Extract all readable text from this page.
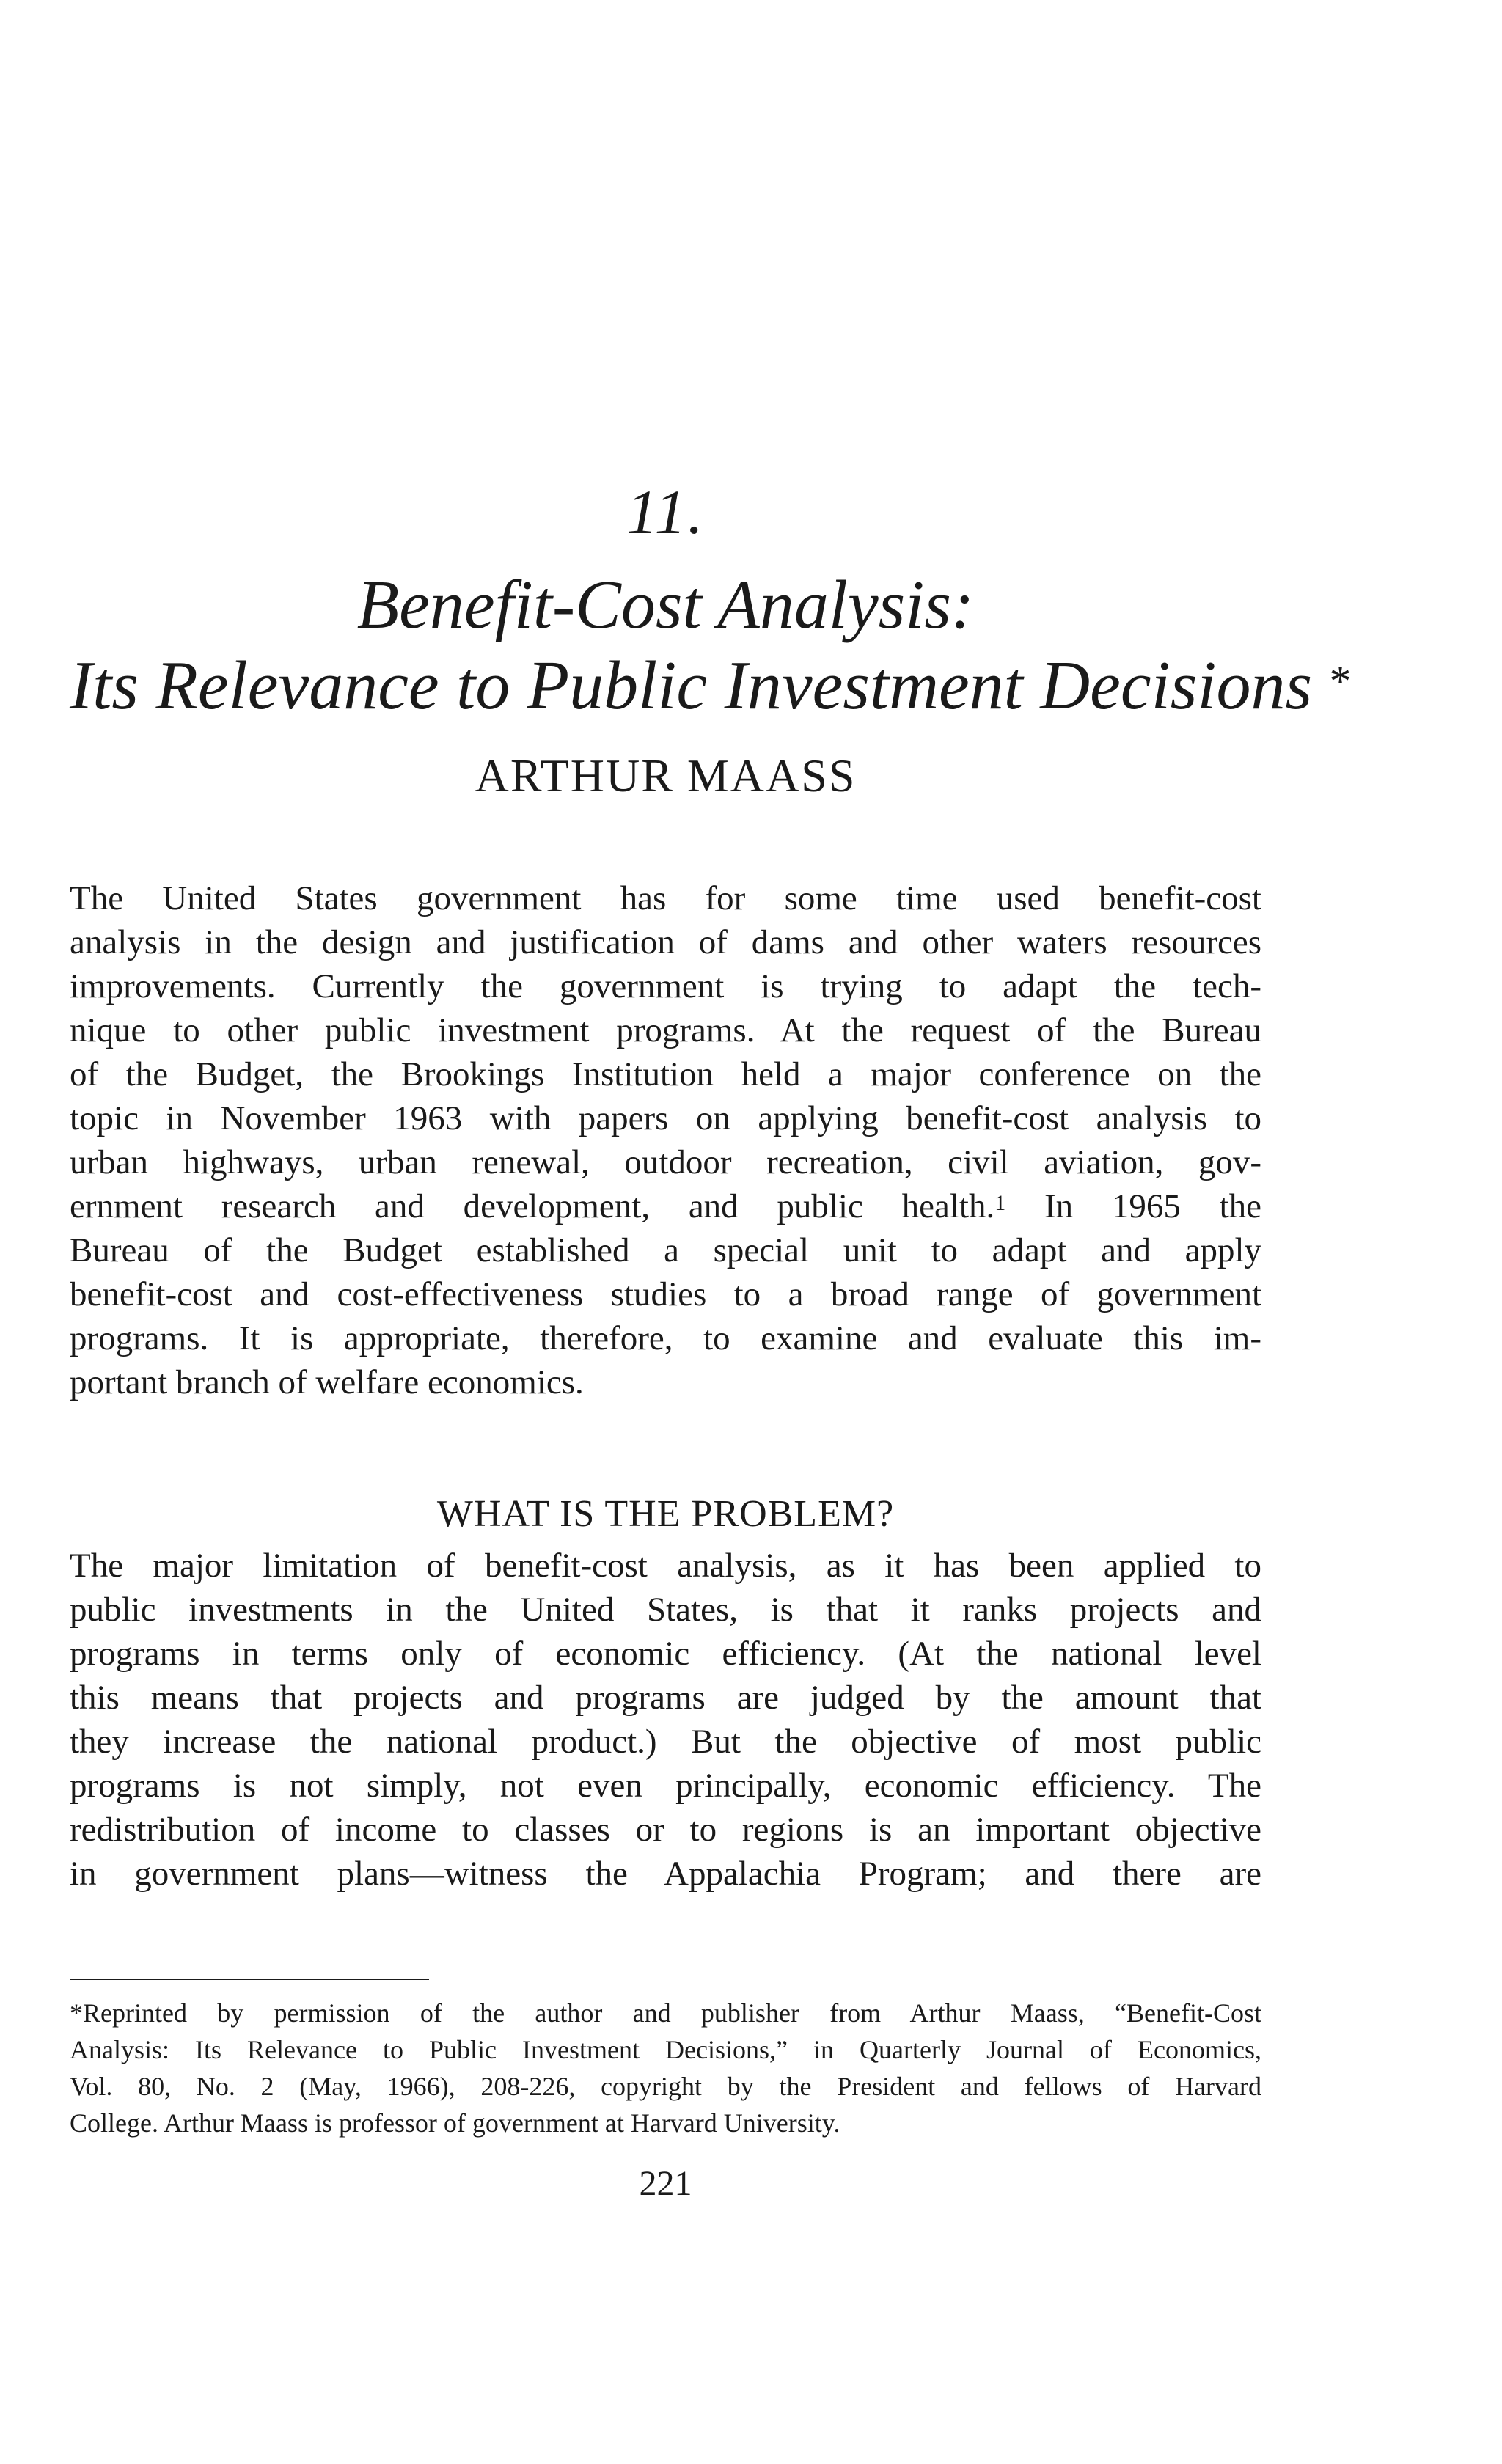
11.
Benefit-Cost Analysis:
Its Relevance to Public Investment Decisions *
ARTHUR MAASS
The United States government has for some time used benefit-cost
analysis in the design and justification of dams and other waters resources
improvements. Currently the government is trying to adapt the tech-
nique to other public investment programs. At the request of the Bureau
of the Budget, the Brookings Institution held a major conference on the
topic in November 1963 with papers on applying benefit-cost analysis to
urban highways, urban renewal, outdoor recreation, civil aviation, gov-
ernment research and development, and public health.$^1$ In 1965 the
Bureau of the Budget established a special unit to adapt and apply
benefit-cost and cost-effectiveness studies to a broad range of government
programs. It is appropriate, therefore, to examine and evaluate this im-
portant branch of welfare economics.
WHAT IS THE PROBLEM?
The major limitation of benefit-cost analysis, as it has been applied to
public investments in the United States, is that it ranks projects and
programs in terms only of economic efficiency. (At the national level
this means that projects and programs are judged by the amount that
they increase the national product.) But the objective of most public
programs is not simply, not even principally, economic efficiency. The
redistribution of income to classes or to regions is an important objective
in government plans—witness the Appalachia Program; and there are
*Reprinted by permission of the author and publisher from Arthur Maass, “Benefit-Cost
Analysis: Its Relevance to Public Investment Decisions,” in Quarterly Journal of Economics,
Vol. 80, No. 2 (May, 1966), 208-226, copyright by the President and fellows of Harvard
College. Arthur Maass is professor of government at Harvard University.
221
